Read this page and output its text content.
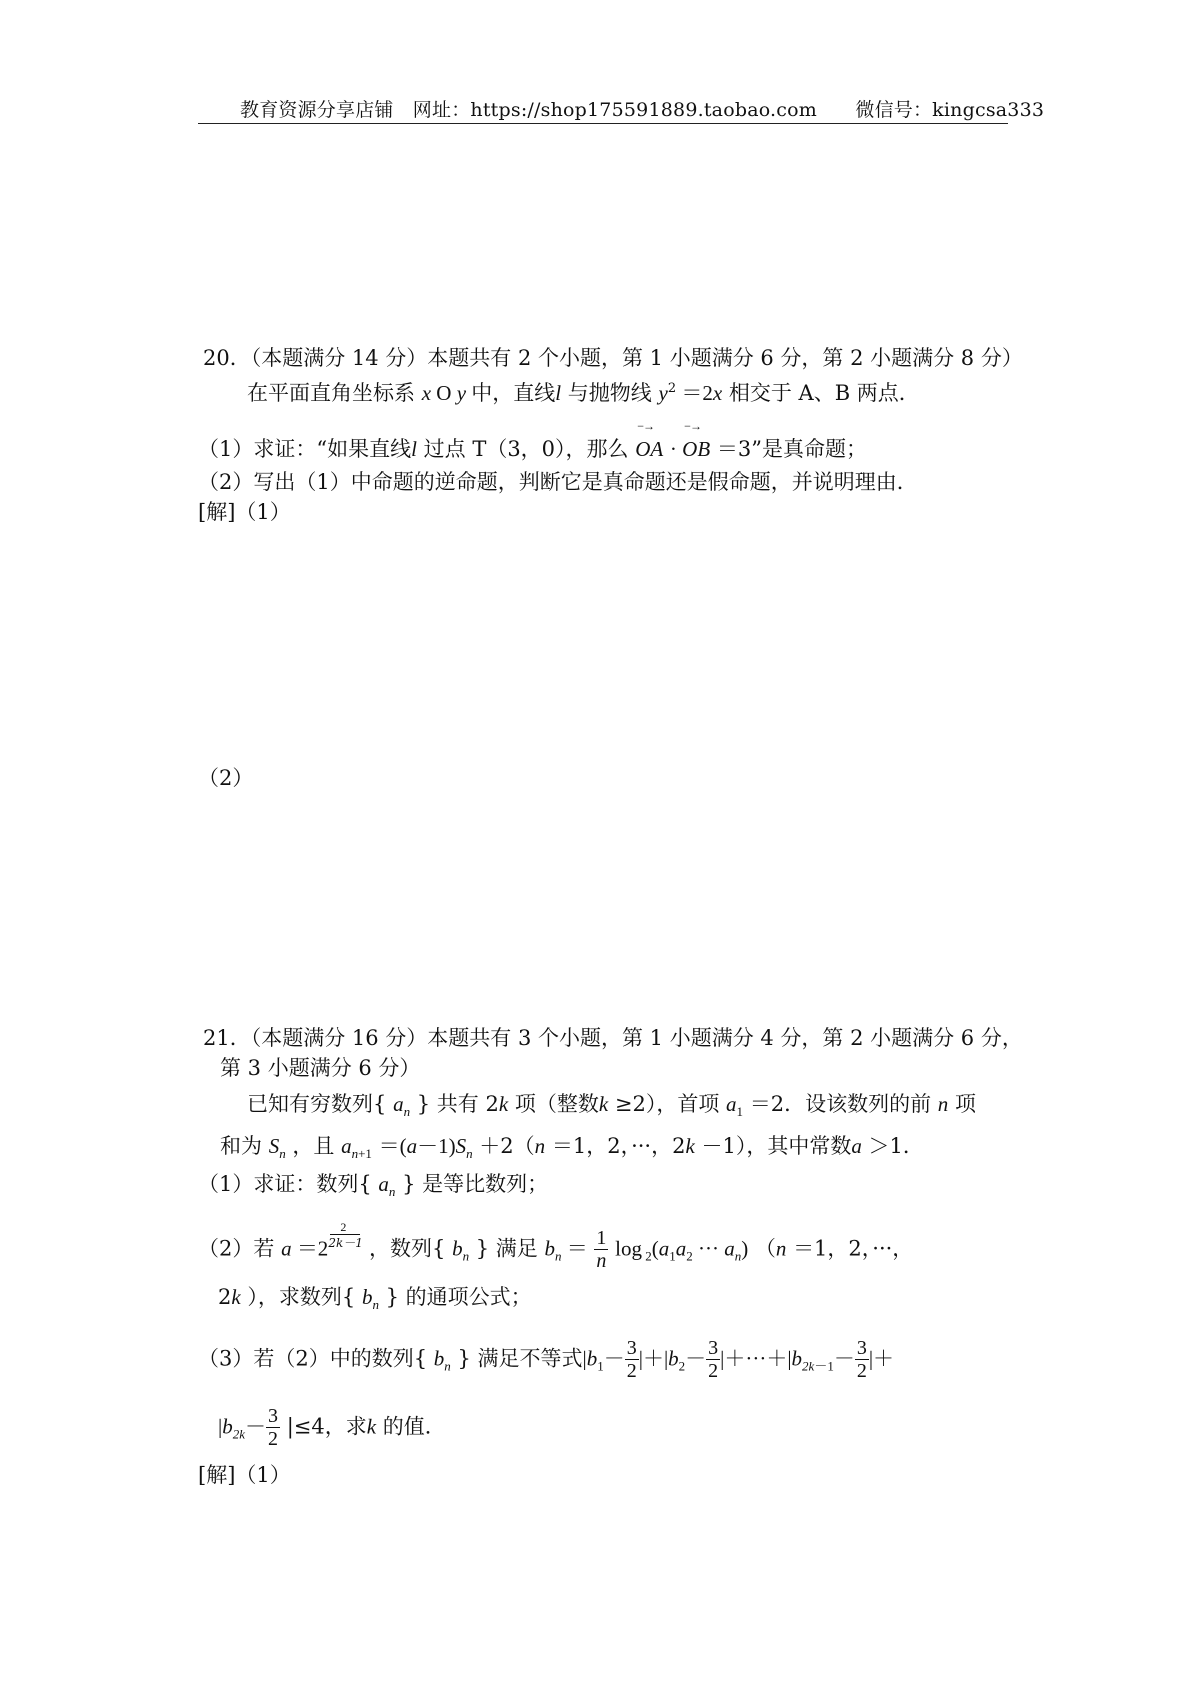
教育资源分享店铺　网址：https://shop175591889.taobao.com　　微信号：kingcsa333
20．（本题满分 14 分）本题共有 2 个小题，第 1 小题满分 6 分，第 2 小题满分 8 分）
在平面直角坐标系 x O y 中，直线l 与抛物线 $y^2 =2x$ 相交于 A、B 两点．
（1）求证：“如果直线l 过点 T（3，0），那么
−→
OA ·
−→
OB ＝3”是真命题；
（2）写出（1）中命题的逆命题，判断它是真命题还是假命题，并说明理由．
[解]（1）
（2）
21．（本题满分 16 分）本题共有 3 个小题，第 1 小题满分 4 分，第 2 小题满分 6 分，
第 3 小题满分 6 分）
已知有穷数列{ $a_n$ } 共有 2k 项（整数k ≥2），首项 $a_1 =2$．设该数列的前 n 项
和为 $S_n$ ，且 $a_{n+1} =(a-1)S_n +2(n =1$，2，···，2k －1），其中常数a ＞1．
（1）求证：数列{ $a_n$ } 是等比数列；
（2）若 $a =2 \frac{2}{2k-1}$ ，数列{ $b_n$ } 满足 $b_n = \frac{1}{n}$ $\log _2(a_1a_2$ ··· $a_n$) （n ＝1，2，···，
2k ），求数列{ $b_n$ } 的通项公式；
（3）若（2）中的数列{ $b_n$ } 满足不等式$|b_1- \frac{3}{2} |+|b_2- \frac{3}{2} |+\cdot\cdot\cdot+|b_{2k-1}- \frac{3}{2}$ |＋
$|b_{2k}- \frac{3}{2} |\le 4$，求k 的值．
[解]（1）
